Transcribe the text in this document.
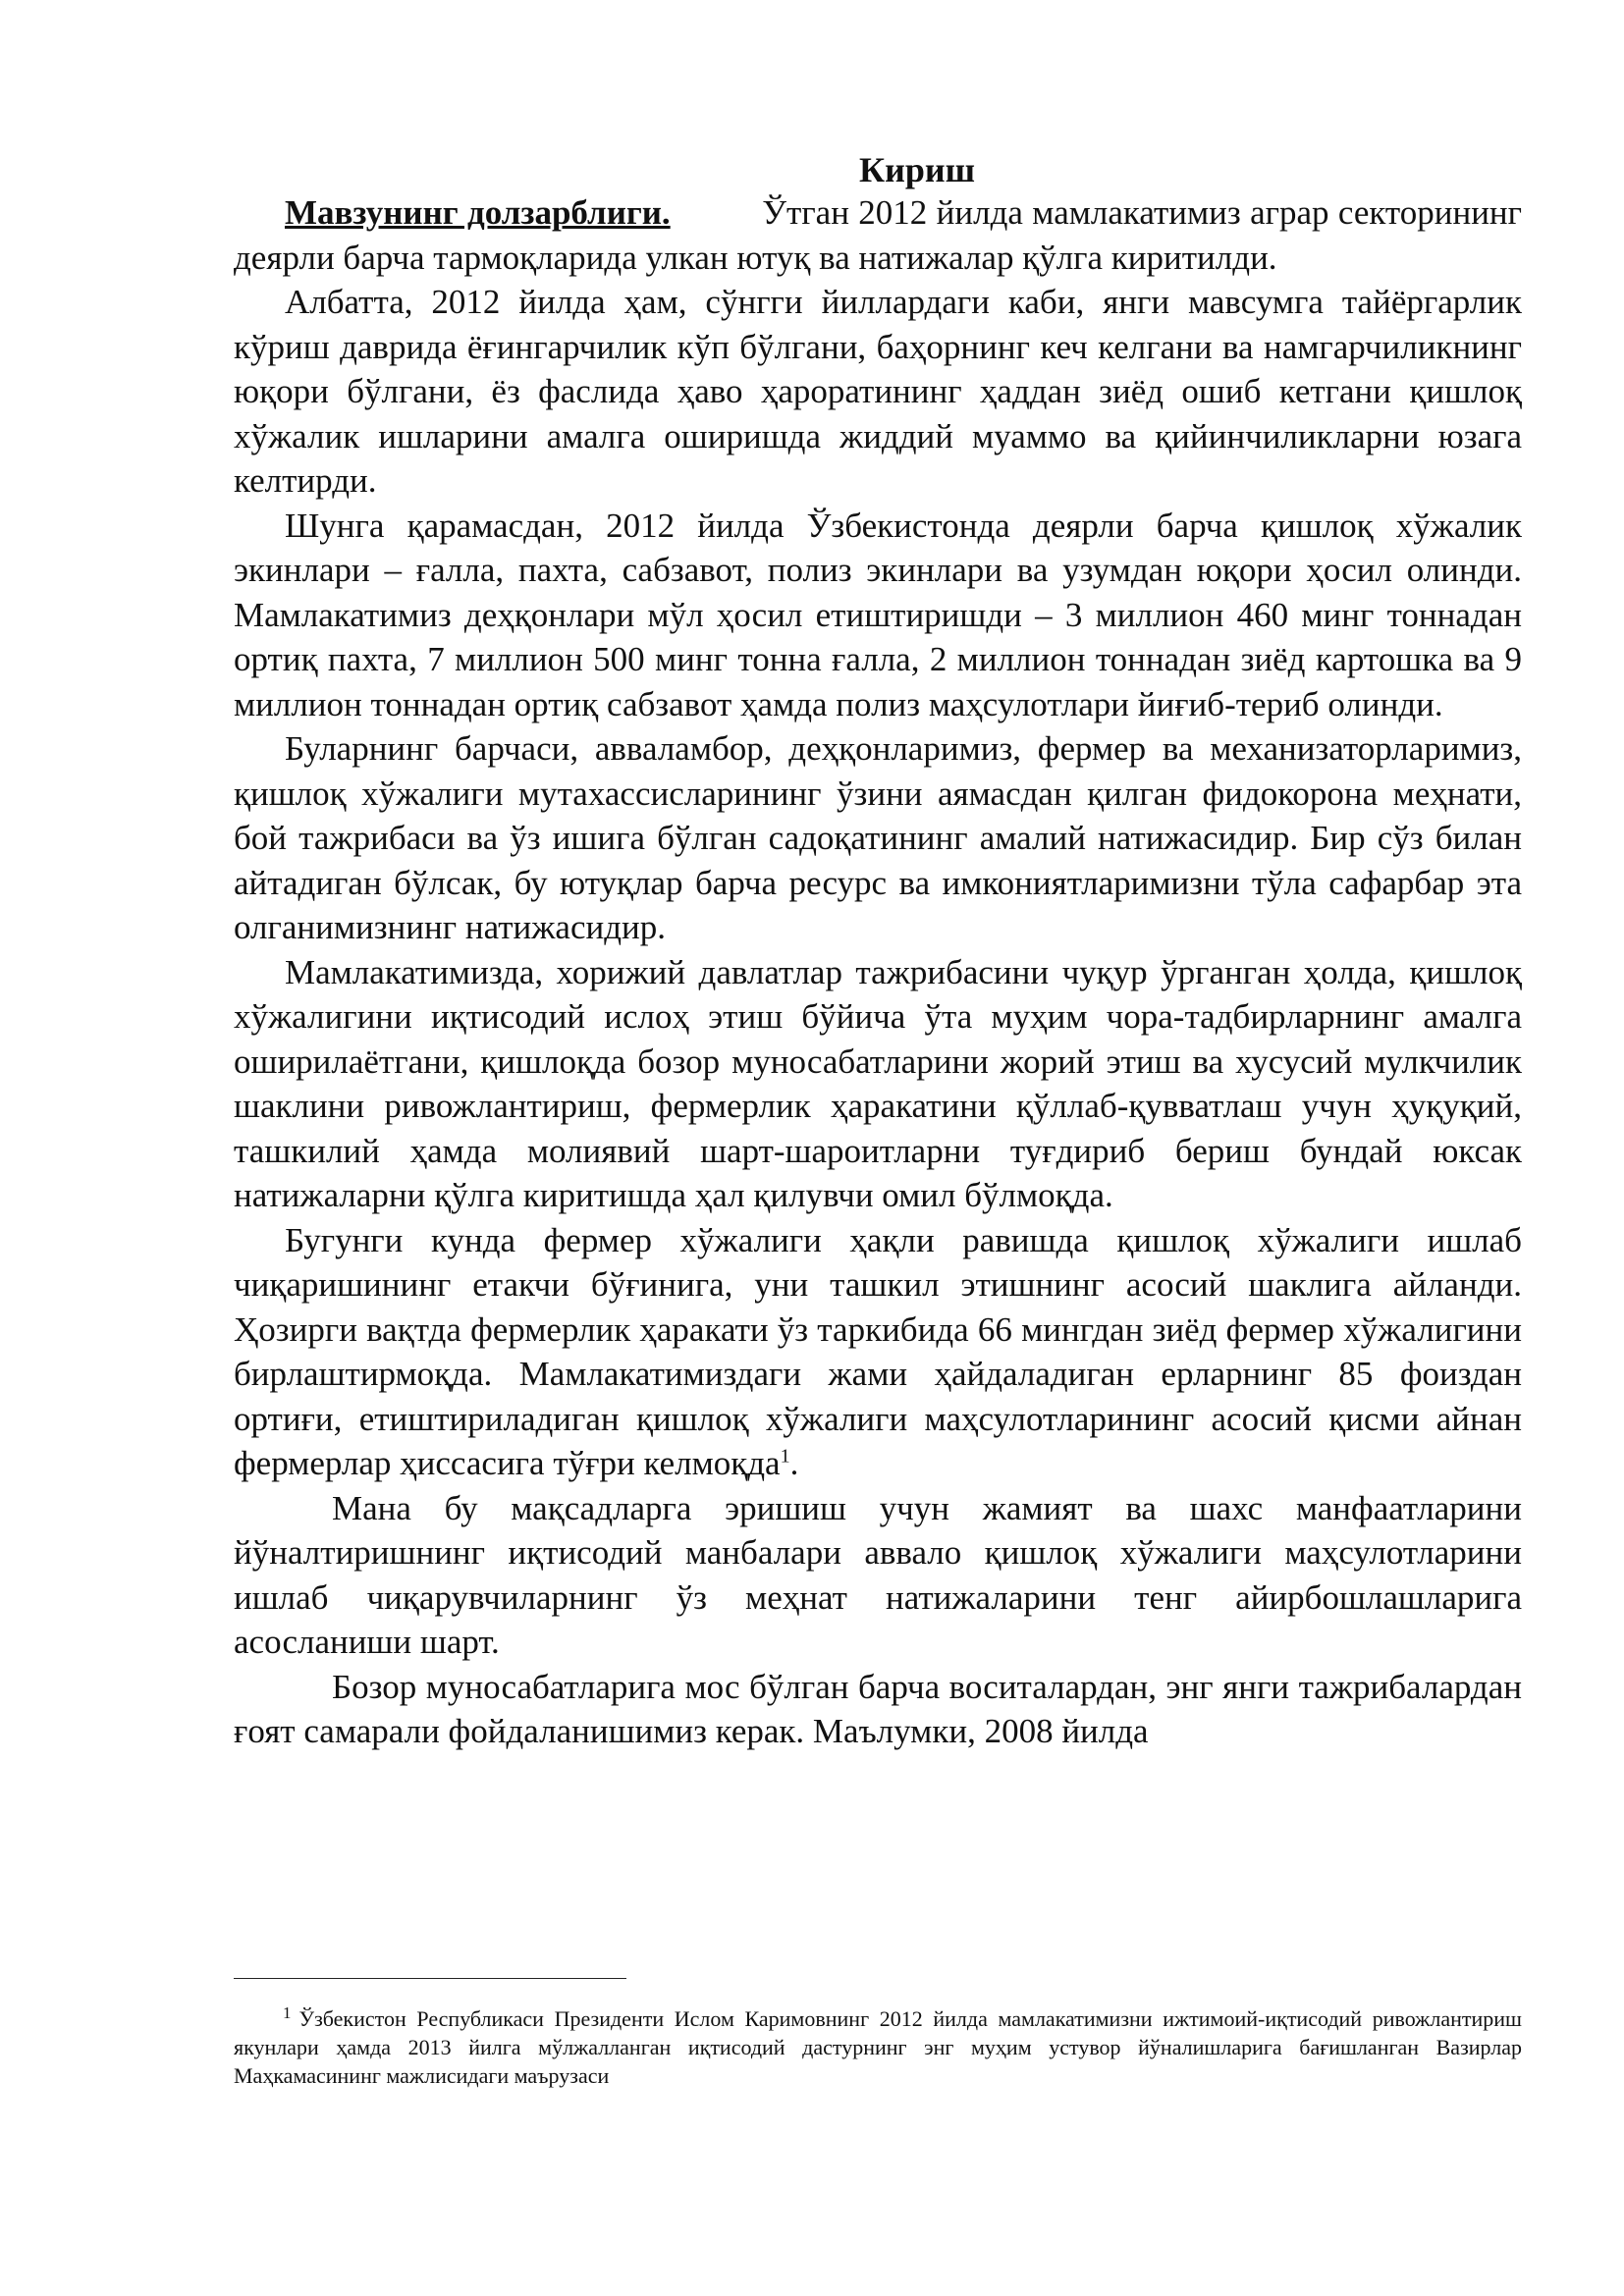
Кириш

Мавзунинг долзарблиги.	Ўтган 2012 йилда мамлакатимиз аграр секторининг деярли барча тармоқларида улкан ютуқ ва натижалар қўлга киритилди.

Албатта, 2012 йилда ҳам, сўнгги йиллардаги каби, янги мавсумга тайёргарлик кўриш даврида ёғингарчилик кўп бўлгани, баҳорнинг кеч келгани ва намгарчиликнинг юқори бўлгани, ёз фаслида ҳаво ҳароратининг ҳаддан зиёд ошиб кетгани қишлоқ хўжалик ишларини амалга оширишда жиддий муаммо ва қийинчиликларни юзага келтирди.

Шунга қарамасдан, 2012 йилда Ўзбекистонда деярли барча қишлоқ хўжалик экинлари – ғалла, пахта, сабзавот, полиз экинлари ва узумдан юқори ҳосил олинди. Мамлакатимиз деҳқонлари мўл ҳосил етиштиришди – 3 миллион 460 минг тоннадан ортиқ пахта, 7 миллион 500 минг тонна ғалла, 2 миллион тоннадан зиёд картошка ва 9 миллион тоннадан ортиқ сабзавот ҳамда полиз маҳсулотлари йиғиб-териб олинди.

Буларнинг барчаси, авваламбор, деҳқонларимиз, фермер ва механизаторларимиз, қишлоқ хўжалиги мутахассисларининг ўзини аямасдан қилган фидокорона меҳнати, бой тажрибаси ва ўз ишига бўлган садоқатининг амалий натижасидир. Бир сўз билан айтадиган бўлсак, бу ютуқлар барча ресурс ва имкониятларимизни тўла сафарбар эта олганимизнинг натижасидир.

Мамлакатимизда, хорижий давлатлар тажрибасини чуқур ўрганган ҳолда, қишлоқ хўжалигини иқтисодий ислоҳ этиш бўйича ўта муҳим чора-тадбирларнинг амалга оширилаётгани, қишлоқда бозор муносабатларини жорий этиш ва хусусий мулкчилик шаклини ривожлантириш, фермерлик ҳаракатини қўллаб-қувватлаш учун ҳуқуқий, ташкилий ҳамда молиявий шарт-шароитларни туғдириб бериш бундай юксак натижаларни қўлга киритишда ҳал қилувчи омил бўлмоқда.

Бугунги кунда фермер хўжалиги ҳақли равишда қишлоқ хўжалиги ишлаб чиқаришининг етакчи бўғинига, уни ташкил этишнинг асосий шаклига айланди. Ҳозирги вақтда фермерлик ҳаракати ўз таркибида 66 мингдан зиёд фермер хўжалигини бирлаштирмоқда. Мамлакатимиздаги жами ҳайдаладиган ерларнинг 85 фоиздан ортиғи, етиштириладиган қишлоқ хўжалиги маҳсулотларининг асосий қисми айнан фермерлар ҳиссасига тўғри келмоқда$^1$.

Мана бу мақсадларга эришиш учун жамият ва шахс манфаатларини йўналтиришнинг иқтисодий манбалари аввало қишлоқ хўжалиги маҳсулотларини ишлаб чиқарувчиларнинг ўз меҳнат натижаларини тенг айирбошлашларига асосланиши шарт.

Бозор муносабатларига мос бўлган барча воситалардан, энг янги тажрибалардан ғоят самарали фойдаланишимиз керак. Маълумки, 2008 йилда

$^1$ Ўзбекистон Республикаси Президенти Ислом Каримовнинг 2012 йилда мамлакатимизни ижтимоий-иқтисодий ривожлантириш якунлари ҳамда 2013 йилга мўлжалланган иқтисодий дастурнинг энг муҳим устувор йўналишларига бағишланган Вазирлар Маҳкамасининг мажлисидаги маърузаси
